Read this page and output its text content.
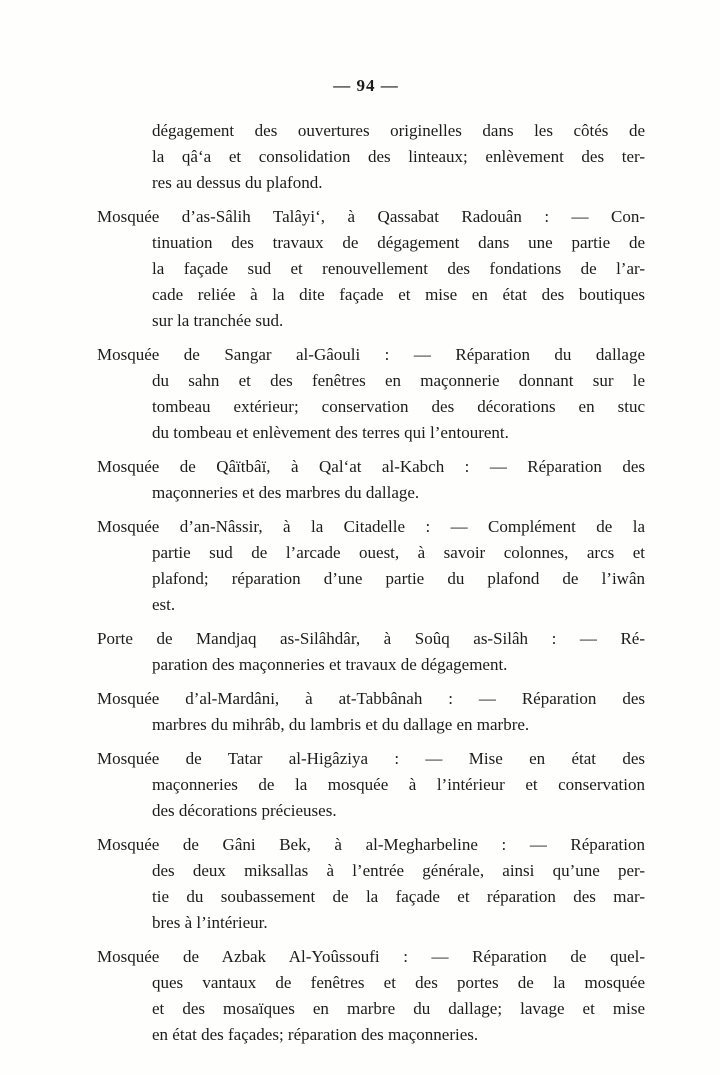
— 94 —
dégagement des ouvertures originelles dans les côtés de
la qâ‘a et consolidation des linteaux; enlèvement des ter-
res au dessus du plafond.
Mosquée d’as-Sâlih Talâyi‘, à Qassabat Radouân : — Con-
tinuation des travaux de dégagement dans une partie de
la façade sud et renouvellement des fondations de l’ar-
cade reliée à la dite façade et mise en état des boutiques
sur la tranchée sud.
Mosquée de Sangar al-Gâouli : — Réparation du dallage
du sahn et des fenêtres en maçonnerie donnant sur le
tombeau extérieur; conservation des décorations en stuc
du tombeau et enlèvement des terres qui l’entourent.
Mosquée de Qâïtbâï, à Qal‘at al-Kabch : — Réparation des
maçonneries et des marbres du dallage.
Mosquée d’an-Nâssir, à la Citadelle : — Complément de la
partie sud de l’arcade ouest, à savoir colonnes, arcs et
plafond; réparation d’une partie du plafond de l’iwân
est.
Porte de Mandjaq as-Silâhdâr, à Soûq as-Silâh : — Ré-
paration des maçonneries et travaux de dégagement.
Mosquée d’al-Mardâni, à at-Tabbânah : — Réparation des
marbres du mihrâb, du lambris et du dallage en marbre.
Mosquée de Tatar al-Higâziya : — Mise en état des
maçonneries de la mosquée à l’intérieur et conservation
des décorations précieuses.
Mosquée de Gâni Bek, à al-Megharbeline : — Réparation
des deux miksallas à l’entrée générale, ainsi qu’une per-
tie du soubassement de la façade et réparation des mar-
bres à l’intérieur.
Mosquée de Azbak Al-Yoûssoufi : — Réparation de quel-
ques vantaux de fenêtres et des portes de la mosquée
et des mosaïques en marbre du dallage; lavage et mise
en état des façades; réparation des maçonneries.
